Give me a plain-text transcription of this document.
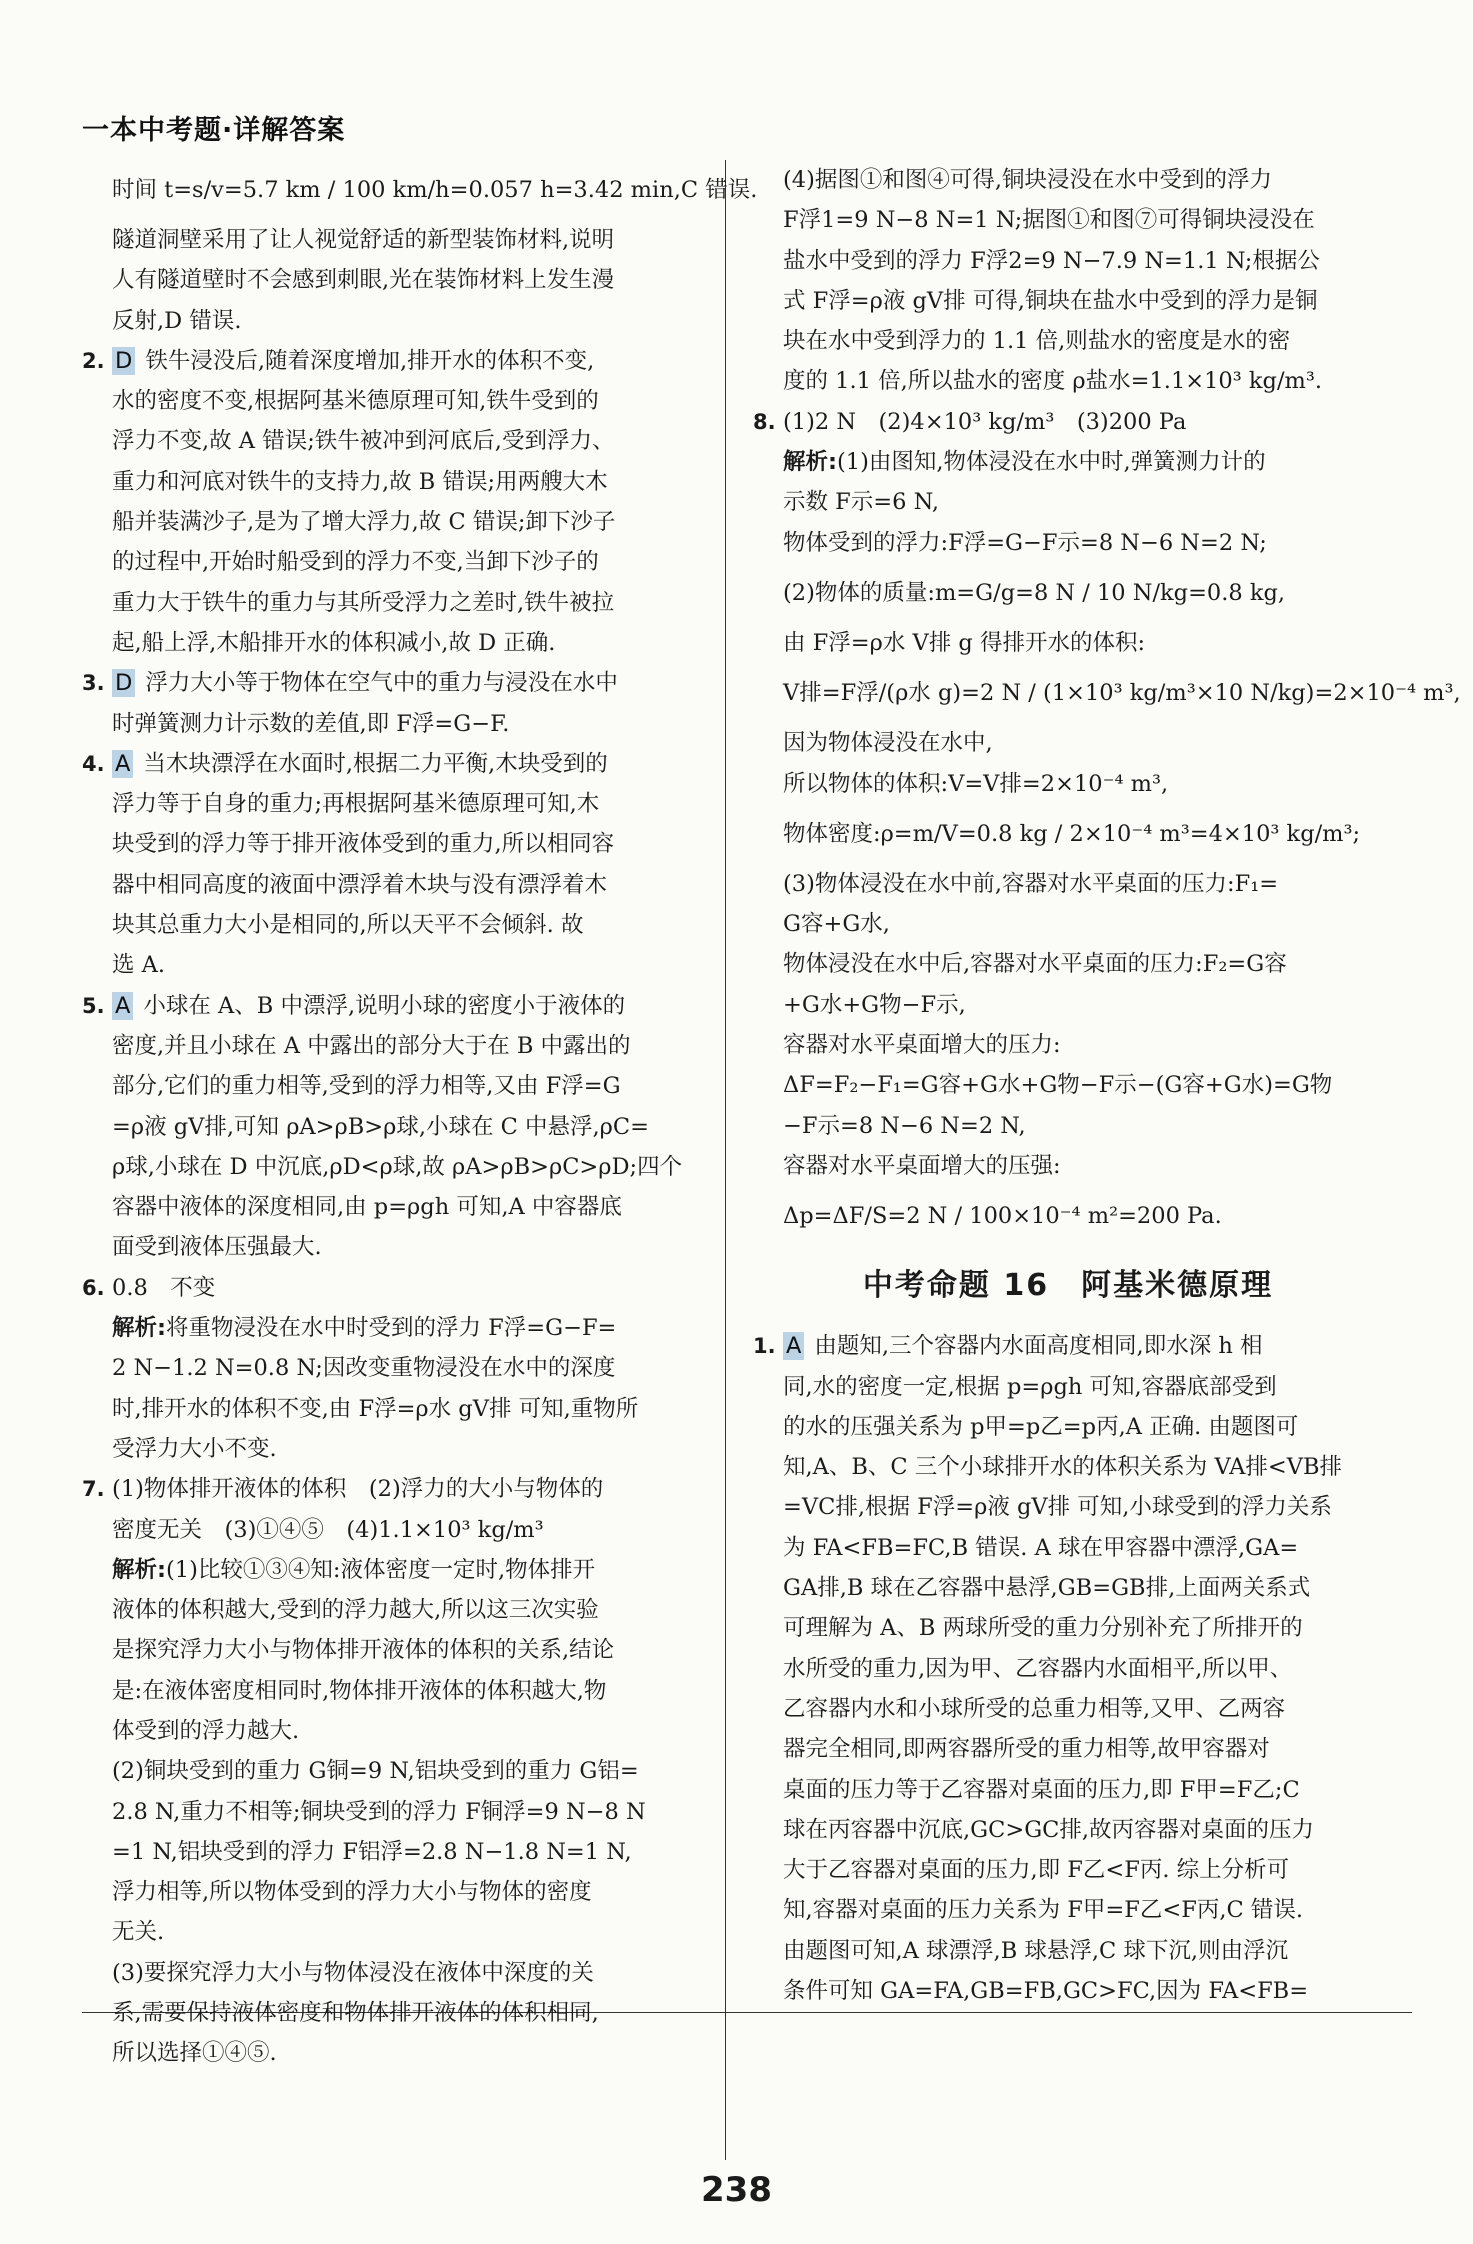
一本中考题·详解答案
时间 t=s/v=5.7 km / 100 km/h=0.057 h=3.42 min,C 错误.
隧道洞壁采用了让人视觉舒适的新型装饰材料,说明
人有隧道壁时不会感到刺眼,光在装饰材料上发生漫
反射,D 错误.
2. D 铁牛浸没后,随着深度增加,排开水的体积不变,
水的密度不变,根据阿基米德原理可知,铁牛受到的
浮力不变,故 A 错误;铁牛被冲到河底后,受到浮力、
重力和河底对铁牛的支持力,故 B 错误;用两艘大木
船并装满沙子,是为了增大浮力,故 C 错误;卸下沙子
的过程中,开始时船受到的浮力不变,当卸下沙子的
重力大于铁牛的重力与其所受浮力之差时,铁牛被拉
起,船上浮,木船排开水的体积减小,故 D 正确.
3. D 浮力大小等于物体在空气中的重力与浸没在水中
时弹簧测力计示数的差值,即 F浮=G−F.
4. A 当木块漂浮在水面时,根据二力平衡,木块受到的
浮力等于自身的重力;再根据阿基米德原理可知,木
块受到的浮力等于排开液体受到的重力,所以相同容
器中相同高度的液面中漂浮着木块与没有漂浮着木
块其总重力大小是相同的,所以天平不会倾斜. 故
选 A.
5. A 小球在 A、B 中漂浮,说明小球的密度小于液体的
密度,并且小球在 A 中露出的部分大于在 B 中露出的
部分,它们的重力相等,受到的浮力相等,又由 F浮=G
=ρ液 gV排,可知 ρA>ρB>ρ球,小球在 C 中悬浮,ρC=
ρ球,小球在 D 中沉底,ρD<ρ球,故 ρA>ρB>ρC>ρD;四个
容器中液体的深度相同,由 p=ρgh 可知,A 中容器底
面受到液体压强最大.
6. 0.8　不变
解析:将重物浸没在水中时受到的浮力 F浮=G−F=
2 N−1.2 N=0.8 N;因改变重物浸没在水中的深度
时,排开水的体积不变,由 F浮=ρ水 gV排 可知,重物所
受浮力大小不变.
7. (1)物体排开液体的体积　(2)浮力的大小与物体的
密度无关　(3)①④⑤　(4)1.1×10³ kg/m³
解析:(1)比较①③④知:液体密度一定时,物体排开
液体的体积越大,受到的浮力越大,所以这三次实验
是探究浮力大小与物体排开液体的体积的关系,结论
是:在液体密度相同时,物体排开液体的体积越大,物
体受到的浮力越大.
(2)铜块受到的重力 G铜=9 N,铝块受到的重力 G铝=
2.8 N,重力不相等;铜块受到的浮力 F铜浮=9 N−8 N
=1 N,铝块受到的浮力 F铝浮=2.8 N−1.8 N=1 N,
浮力相等,所以物体受到的浮力大小与物体的密度
无关.
(3)要探究浮力大小与物体浸没在液体中深度的关
系,需要保持液体密度和物体排开液体的体积相同,
所以选择①④⑤.
(4)据图①和图④可得,铜块浸没在水中受到的浮力
F浮1=9 N−8 N=1 N;据图①和图⑦可得铜块浸没在
盐水中受到的浮力 F浮2=9 N−7.9 N=1.1 N;根据公
式 F浮=ρ液 gV排 可得,铜块在盐水中受到的浮力是铜
块在水中受到浮力的 1.1 倍,则盐水的密度是水的密
度的 1.1 倍,所以盐水的密度 ρ盐水=1.1×10³ kg/m³.
8. (1)2 N　(2)4×10³ kg/m³　(3)200 Pa
解析:(1)由图知,物体浸没在水中时,弹簧测力计的
示数 F示=6 N,
物体受到的浮力:F浮=G−F示=8 N−6 N=2 N;
(2)物体的质量:m=G/g=8 N / 10 N/kg=0.8 kg,
由 F浮=ρ水 V排 g 得排开水的体积:
V排=F浮/(ρ水 g)=2 N / (1×10³ kg/m³×10 N/kg)=2×10⁻⁴ m³,
因为物体浸没在水中,
所以物体的体积:V=V排=2×10⁻⁴ m³,
物体密度:ρ=m/V=0.8 kg / 2×10⁻⁴ m³=4×10³ kg/m³;
(3)物体浸没在水中前,容器对水平桌面的压力:F₁=
G容+G水,
物体浸没在水中后,容器对水平桌面的压力:F₂=G容
+G水+G物−F示,
容器对水平桌面增大的压力:
ΔF=F₂−F₁=G容+G水+G物−F示−(G容+G水)=G物
−F示=8 N−6 N=2 N,
容器对水平桌面增大的压强:
Δp=ΔF/S=2 N / 100×10⁻⁴ m²=200 Pa.
中考命题 16　阿基米德原理
1. A 由题知,三个容器内水面高度相同,即水深 h 相
同,水的密度一定,根据 p=ρgh 可知,容器底部受到
的水的压强关系为 p甲=p乙=p丙,A 正确. 由题图可
知,A、B、C 三个小球排开水的体积关系为 VA排<VB排
=VC排,根据 F浮=ρ液 gV排 可知,小球受到的浮力关系
为 FA<FB=FC,B 错误. A 球在甲容器中漂浮,GA=
GA排,B 球在乙容器中悬浮,GB=GB排,上面两关系式
可理解为 A、B 两球所受的重力分别补充了所排开的
水所受的重力,因为甲、乙容器内水面相平,所以甲、
乙容器内水和小球所受的总重力相等,又甲、乙两容
器完全相同,即两容器所受的重力相等,故甲容器对
桌面的压力等于乙容器对桌面的压力,即 F甲=F乙;C
球在丙容器中沉底,GC>GC排,故丙容器对桌面的压力
大于乙容器对桌面的压力,即 F乙<F丙. 综上分析可
知,容器对桌面的压力关系为 F甲=F乙<F丙,C 错误.
由题图可知,A 球漂浮,B 球悬浮,C 球下沉,则由浮沉
条件可知 GA=FA,GB=FB,GC>FC,因为 FA<FB=
238
